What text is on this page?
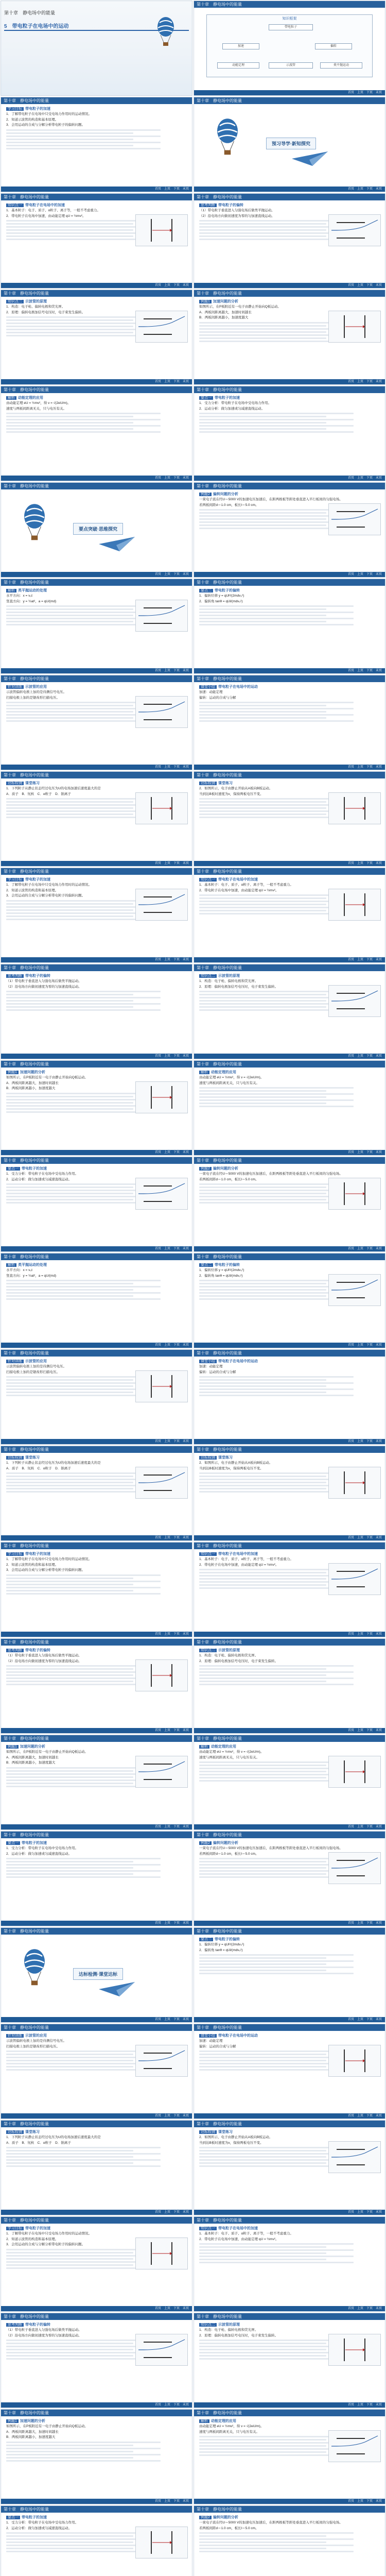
第十章　静电场中的能量
5　带电粒子在电场中的运动
第十章　静电场中的能量
首页　上页　下页　末页
知识框架
带电粒子
加速	偏转
示波管
动能定理	类平抛运动
第十章　静电场中的能量
首页　上页　下页　末页
学习目标 带电粒子的加速

1．了解带电粒子在电场中只受电场力作用时的运动情况。

2．知道示波管的构造和基本原理。

3．会用运动的合成与分解分析带电粒子的偏转问题。

第十章　静电场中的能量
首页　上页　下页　末页
预习导学·新知探究
第十章　静电场中的能量
首页　上页　下页　末页
知识点一 带电粒子在电场中的加速

1．基本粒子：电子、质子、α粒子、离子等，一般不考虑重力。

2．带电粒子在电场中加速，由动能定理 qU = ½mv²。

第十章　静电场中的能量
首页　上页　下页　末页
思考判断 带电粒子的偏转

（1）带电粒子垂直进入匀强电场后做类平抛运动。

（2）沿电场方向做初速度为零的匀加速直线运动。

第十章　静电场中的能量
首页　上页　下页　末页
知识点二 示波管的原理

1．构造：电子枪、偏转电极和荧光屏。

2．原理：偏转电极加信号电压时，电子束发生偏转。

第十章　静电场中的能量
首页　上页　下页　末页
例题1 加速问题的分析

如图所示，在P板附近有一电子由静止开始向Q板运动。

A．两板间距离越大，加速时间越长

B．两板间距离越小，加速度越大

第十章　静电场中的能量
首页　上页　下页　末页
解析 动能定理的应用

由动能定理 eU = ½mv²，得 v = √(2eU/m)。

速度与两板间距离无关，只与电压有关。

第十章　静电场中的能量
首页　上页　下页　末页
要点一 带电粒子的加速

1．受力分析：带电粒子在电场中受电场力作用。

2．运动分析：做匀加速或匀减速直线运动。

第十章　静电场中的能量
首页　上页　下页　末页
要点突破·思维探究
第十章　静电场中的能量
首页　上页　下页　末页
例题2 偏转问题的分析

一束电子流在经U＝5000 V的加速电压加速后，在距两极板等距处垂直进入平行板间的匀强电场。

若两板间距d＝1.0 cm，板长l＝5.0 cm。

第十章　静电场中的能量
首页　上页　下页　末页
解析 类平抛运动的处理

水平方向：x = v₀t

竖直方向：y = ½at²，a = qU/(md)

第十章　静电场中的能量
首页　上页　下页　末页
要点二 带电粒子的偏转

1．偏转位移 y = qUl²/(2mdv₀²)

2．偏转角 tanθ = qUl/(mdv₀²)

第十章　静电场中的能量
首页　上页　下页　末页
针对训练 示波管的应用

示波管偏转电极上加的是待测信号电压。

扫描电极上加的是锯齿形扫描电压。

第十章　静电场中的能量
首页　上页　下页　末页
课堂小结 带电粒子在电场中的运动

加速：动能定理

偏转：运动的合成与分解

第十章　静电场中的能量
首页　上页　下页　末页
达标检测 课堂练习

1．下列粒子从静止状态经过电压为U的电场加速后速度最大的是

A．质子　B．氘核　C．α粒子　D．钠离子

第十章　静电场中的能量
首页　上页　下页　末页
达标检测 课堂练习

2．如图所示，电子由静止开始从A板向B板运动。

当到达B板时速度为v，保持两板电压不变。

第十章　静电场中的能量
首页　上页　下页　末页
学习目标 带电粒子的加速

1．了解带电粒子在电场中只受电场力作用时的运动情况。

2．知道示波管的构造和基本原理。

3．会用运动的合成与分解分析带电粒子的偏转问题。

第十章　静电场中的能量
首页　上页　下页　末页
知识点一 带电粒子在电场中的加速

1．基本粒子：电子、质子、α粒子、离子等，一般不考虑重力。

2．带电粒子在电场中加速，由动能定理 qU = ½mv²。

第十章　静电场中的能量
首页　上页　下页　末页
思考判断 带电粒子的偏转

（1）带电粒子垂直进入匀强电场后做类平抛运动。

（2）沿电场方向做初速度为零的匀加速直线运动。

第十章　静电场中的能量
首页　上页　下页　末页
知识点二 示波管的原理

1．构造：电子枪、偏转电极和荧光屏。

2．原理：偏转电极加信号电压时，电子束发生偏转。

第十章　静电场中的能量
首页　上页　下页　末页
例题1 加速问题的分析

如图所示，在P板附近有一电子由静止开始向Q板运动。

A．两板间距离越大，加速时间越长

B．两板间距离越小，加速度越大

第十章　静电场中的能量
首页　上页　下页　末页
解析 动能定理的应用

由动能定理 eU = ½mv²，得 v = √(2eU/m)。

速度与两板间距离无关，只与电压有关。

第十章　静电场中的能量
首页　上页　下页　末页
要点一 带电粒子的加速

1．受力分析：带电粒子在电场中受电场力作用。

2．运动分析：做匀加速或匀减速直线运动。

第十章　静电场中的能量
首页　上页　下页　末页
例题2 偏转问题的分析

一束电子流在经U＝5000 V的加速电压加速后，在距两极板等距处垂直进入平行板间的匀强电场。

若两板间距d＝1.0 cm，板长l＝5.0 cm。

第十章　静电场中的能量
首页　上页　下页　末页
解析 类平抛运动的处理

水平方向：x = v₀t

竖直方向：y = ½at²，a = qU/(md)

第十章　静电场中的能量
首页　上页　下页　末页
要点二 带电粒子的偏转

1．偏转位移 y = qUl²/(2mdv₀²)

2．偏转角 tanθ = qUl/(mdv₀²)

第十章　静电场中的能量
首页　上页　下页　末页
针对训练 示波管的应用

示波管偏转电极上加的是待测信号电压。

扫描电极上加的是锯齿形扫描电压。

第十章　静电场中的能量
首页　上页　下页　末页
课堂小结 带电粒子在电场中的运动

加速：动能定理

偏转：运动的合成与分解

第十章　静电场中的能量
首页　上页　下页　末页
达标检测 课堂练习

1．下列粒子从静止状态经过电压为U的电场加速后速度最大的是

A．质子　B．氘核　C．α粒子　D．钠离子

第十章　静电场中的能量
首页　上页　下页　末页
达标检测 课堂练习

2．如图所示，电子由静止开始从A板向B板运动。

当到达B板时速度为v，保持两板电压不变。

第十章　静电场中的能量
首页　上页　下页　末页
学习目标 带电粒子的加速

1．了解带电粒子在电场中只受电场力作用时的运动情况。

2．知道示波管的构造和基本原理。

3．会用运动的合成与分解分析带电粒子的偏转问题。

第十章　静电场中的能量
首页　上页　下页　末页
知识点一 带电粒子在电场中的加速

1．基本粒子：电子、质子、α粒子、离子等，一般不考虑重力。

2．带电粒子在电场中加速，由动能定理 qU = ½mv²。

第十章　静电场中的能量
首页　上页　下页　末页
思考判断 带电粒子的偏转

（1）带电粒子垂直进入匀强电场后做类平抛运动。

（2）沿电场方向做初速度为零的匀加速直线运动。

第十章　静电场中的能量
首页　上页　下页　末页
知识点二 示波管的原理

1．构造：电子枪、偏转电极和荧光屏。

2．原理：偏转电极加信号电压时，电子束发生偏转。

第十章　静电场中的能量
首页　上页　下页　末页
例题1 加速问题的分析

如图所示，在P板附近有一电子由静止开始向Q板运动。

A．两板间距离越大，加速时间越长

B．两板间距离越小，加速度越大

第十章　静电场中的能量
首页　上页　下页　末页
解析 动能定理的应用

由动能定理 eU = ½mv²，得 v = √(2eU/m)。

速度与两板间距离无关，只与电压有关。

第十章　静电场中的能量
首页　上页　下页　末页
要点一 带电粒子的加速

1．受力分析：带电粒子在电场中受电场力作用。

2．运动分析：做匀加速或匀减速直线运动。

第十章　静电场中的能量
首页　上页　下页　末页
例题2 偏转问题的分析

一束电子流在经U＝5000 V的加速电压加速后，在距两极板等距处垂直进入平行板间的匀强电场。

若两板间距d＝1.0 cm，板长l＝5.0 cm。

第十章　静电场中的能量
首页　上页　下页　末页
达标检测·课堂达标
第十章　静电场中的能量
首页　上页　下页　末页
要点二 带电粒子的偏转

1．偏转位移 y = qUl²/(2mdv₀²)

2．偏转角 tanθ = qUl/(mdv₀²)

第十章　静电场中的能量
首页　上页　下页　末页
针对训练 示波管的应用

示波管偏转电极上加的是待测信号电压。

扫描电极上加的是锯齿形扫描电压。

第十章　静电场中的能量
首页　上页　下页　末页
课堂小结 带电粒子在电场中的运动

加速：动能定理

偏转：运动的合成与分解

第十章　静电场中的能量
首页　上页　下页　末页
达标检测 课堂练习

1．下列粒子从静止状态经过电压为U的电场加速后速度最大的是

A．质子　B．氘核　C．α粒子　D．钠离子

第十章　静电场中的能量
首页　上页　下页　末页
达标检测 课堂练习

2．如图所示，电子由静止开始从A板向B板运动。

当到达B板时速度为v，保持两板电压不变。

第十章　静电场中的能量
首页　上页　下页　末页
学习目标 带电粒子的加速

1．了解带电粒子在电场中只受电场力作用时的运动情况。

2．知道示波管的构造和基本原理。

3．会用运动的合成与分解分析带电粒子的偏转问题。

第十章　静电场中的能量
首页　上页　下页　末页
知识点一 带电粒子在电场中的加速

1．基本粒子：电子、质子、α粒子、离子等，一般不考虑重力。

2．带电粒子在电场中加速，由动能定理 qU = ½mv²。

第十章　静电场中的能量
首页　上页　下页　末页
思考判断 带电粒子的偏转

（1）带电粒子垂直进入匀强电场后做类平抛运动。

（2）沿电场方向做初速度为零的匀加速直线运动。

第十章　静电场中的能量
首页　上页　下页　末页
知识点二 示波管的原理

1．构造：电子枪、偏转电极和荧光屏。

2．原理：偏转电极加信号电压时，电子束发生偏转。

第十章　静电场中的能量
首页　上页　下页　末页
例题1 加速问题的分析

如图所示，在P板附近有一电子由静止开始向Q板运动。

A．两板间距离越大，加速时间越长

B．两板间距离越小，加速度越大

第十章　静电场中的能量
首页　上页　下页　末页
解析 动能定理的应用

由动能定理 eU = ½mv²，得 v = √(2eU/m)。

速度与两板间距离无关，只与电压有关。

第十章　静电场中的能量
要点一 带电粒子的加速

1．受力分析：带电粒子在电场中受电场力作用。

2．运动分析：做匀加速或匀减速直线运动。

第十章　静电场中的能量
例题2 偏转问题的分析

一束电子流在经U＝5000 V的加速电压加速后，在距两极板等距处垂直进入平行板间的匀强电场。

若两板间距d＝1.0 cm，板长l＝5.0 cm。
